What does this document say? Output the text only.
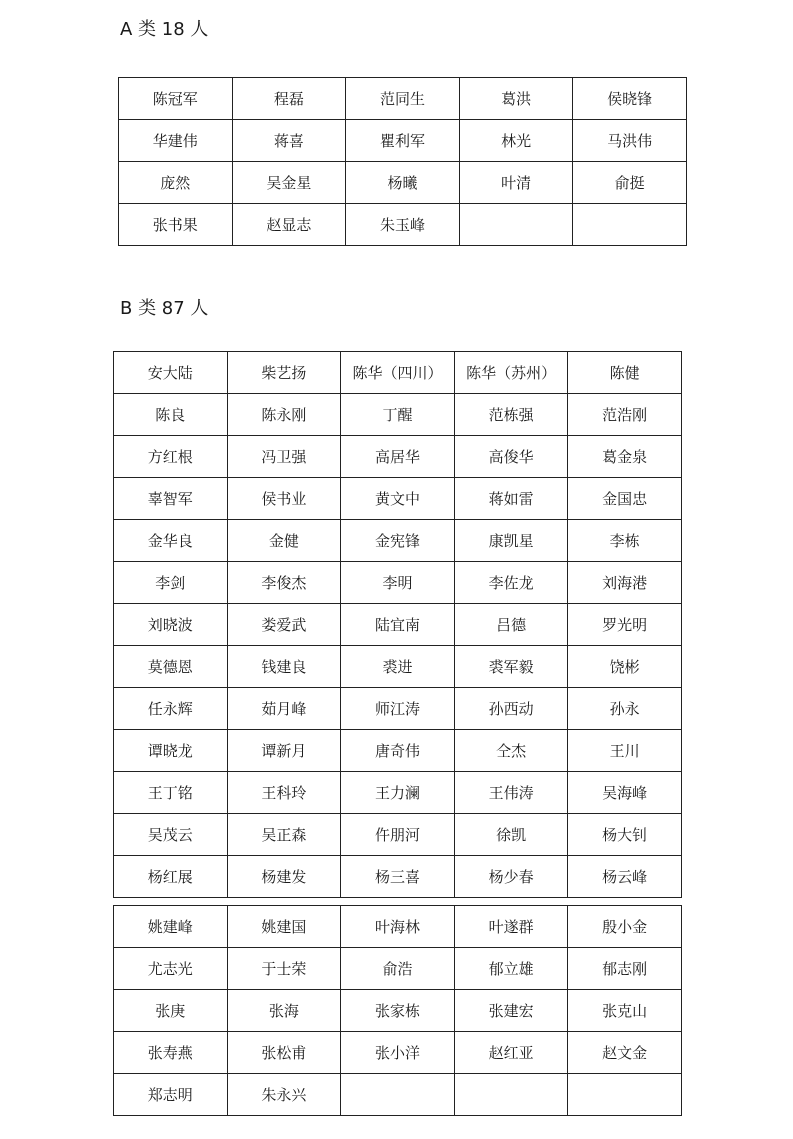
A 类 18 人
陈冠军	程磊	范同生	葛洪	侯晓锋
华建伟	蒋喜	瞿利军	林光	马洪伟
庞然	吴金星	杨曦	叶清	俞挺
张书果	赵显志	朱玉峰		
B 类 87 人
安大陆	柴艺扬	陈华（四川）	陈华（苏州）	陈健
陈良	陈永刚	丁醒	范栋强	范浩刚
方红根	冯卫强	高居华	高俊华	葛金泉
辜智军	侯书业	黄文中	蒋如雷	金国忠
金华良	金健	金宪锋	康凯星	李栋
李剑	李俊杰	李明	李佐龙	刘海港
刘晓波	娄爱武	陆宜南	吕德	罗光明
莫德恩	钱建良	裘进	裘军毅	饶彬
任永辉	茹月峰	师江涛	孙西动	孙永
谭晓龙	谭新月	唐奇伟	仝杰	王川
王丁铭	王科玲	王力澜	王伟涛	吴海峰
吴茂云	吴正森	仵朋河	徐凯	杨大钊
杨红展	杨建发	杨三喜	杨少春	杨云峰
姚建峰	姚建国	叶海林	叶遂群	殷小金
尤志光	于士荣	俞浩	郁立雄	郁志刚
张庚	张海	张家栋	张建宏	张克山
张寿燕	张松甫	张小洋	赵红亚	赵文金
郑志明	朱永兴			
